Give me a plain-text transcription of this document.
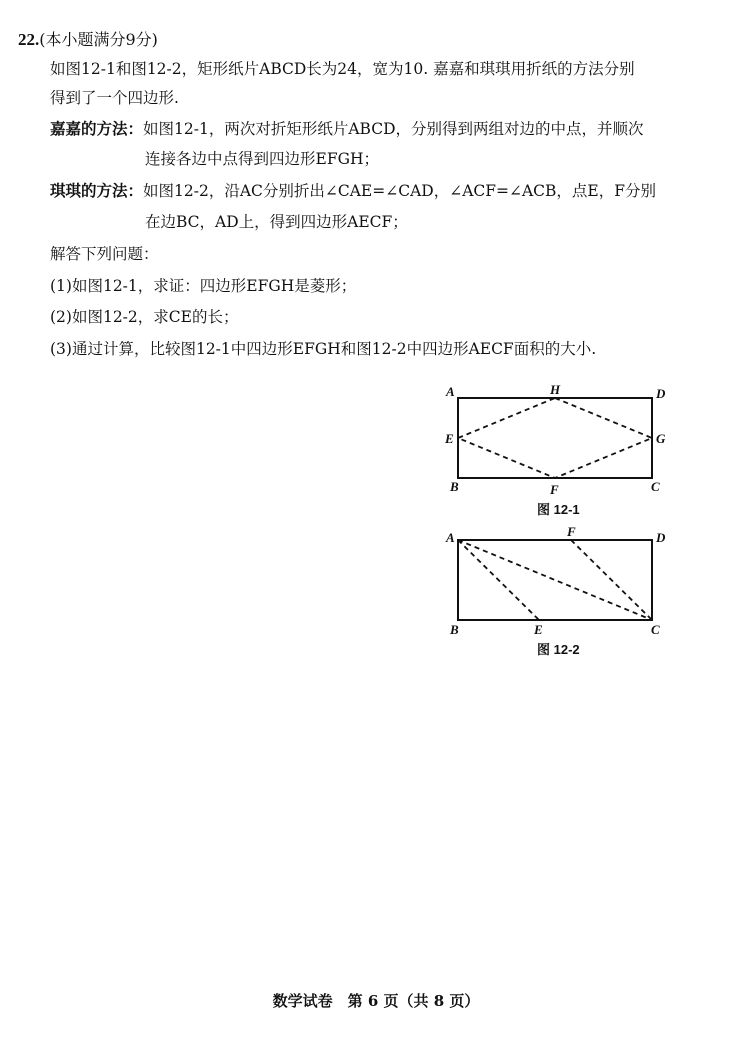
22.(本小题满分9分)
如图12-1和图12-2，矩形纸片ABCD长为24，宽为10. 嘉嘉和琪琪用折纸的方法分别
得到了一个四边形.
嘉嘉的方法：如图12-1，两次对折矩形纸片ABCD，分别得到两组对边的中点，并顺次
连接各边中点得到四边形EFGH；
琪琪的方法：如图12-2，沿AC分别折出∠CAE=∠CAD，∠ACF=∠ACB，点E，F分别
在边BC，AD上，得到四边形AECF；
解答下列问题：
(1)如图12-1，求证：四边形EFGH是菱形；
(2)如图12-2，求CE的长；
(3)通过计算，比较图12-1中四边形EFGH和图12-2中四边形AECF面积的大小.
A	H	D
E	G
B	F	C
图 12-1
A	F	D
B	E	C
图 12-2
数学试卷　第 6 页（共 8 页）
